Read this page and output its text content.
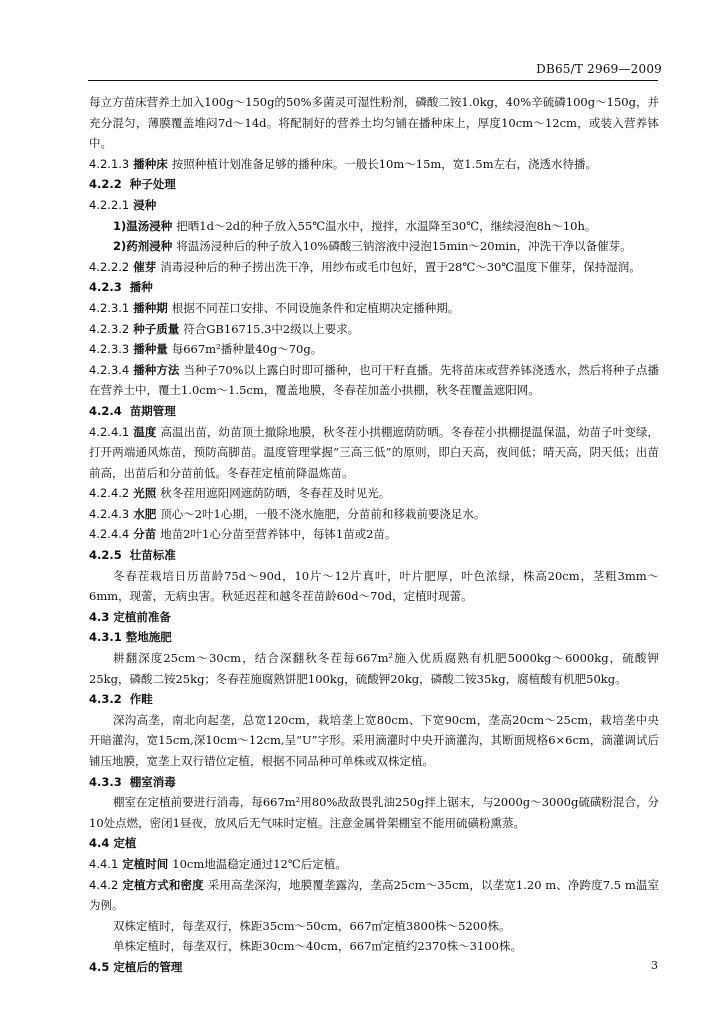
DB65/T 2969—2009

每立方苗床营养土加入100g～150g的50%多菌灵可湿性粉剂，磷酸二铵1.0kg，40%辛硫磷100g～150g，并充分混匀，薄膜覆盖堆闷7d～14d。将配制好的营养土均匀铺在播种床上，厚度10cm～12cm，或装入营养钵中。

4.2.1.3 播种床 按照种植计划准备足够的播种床。一般长10m～15m，宽1.5m左右，浇透水待播。

4.2.2 种子处理

4.2.2.1 浸种

1)温汤浸种 把晒1d～2d的种子放入55℃温水中，搅拌，水温降至30℃，继续浸泡8h～10h。

2)药剂浸种 将温汤浸种后的种子放入10%磷酸三钠溶液中浸泡15min～20min，冲洗干净以备催芽。

4.2.2.2 催芽 消毒浸种后的种子捞出洗干净，用纱布或毛巾包好，置于28℃～30℃温度下催芽，保持湿润。

4.2.3 播种

4.2.3.1 播种期 根据不同茬口安排、不同设施条件和定植期决定播种期。

4.2.3.2 种子质量 符合GB16715.3中2级以上要求。

4.2.3.3 播种量 每667m²播种量40g～70g。

4.2.3.4 播种方法 当种子70%以上露白时即可播种，也可干籽直播。先将苗床或营养钵浇透水，然后将种子点播在营养土中，覆土1.0cm～1.5cm，覆盖地膜，冬春茬加盖小拱棚，秋冬茬覆盖遮阳网。

4.2.4 苗期管理

4.2.4.1 温度 高温出苗，幼苗顶土撤除地膜，秋冬茬小拱棚遮荫防晒。冬春茬小拱棚提温保温，幼苗子叶变绿，打开两端通风炼苗，预防高脚苗。温度管理掌握“三高三低”的原则，即白天高，夜间低；晴天高，阴天低；出苗前高，出苗后和分苗前低。冬春茬定植前降温炼苗。

4.2.4.2 光照 秋冬茬用遮阳网遮荫防晒，冬春茬及时见光。

4.2.4.3 水肥 顶心～2叶1心期，一般不浇水施肥，分苗前和移栽前要浇足水。

4.2.4.4 分苗 地苗2叶1心分苗至营养钵中，每钵1苗或2苗。

4.2.5 壮苗标准

冬春茬栽培日历苗龄75d～90d，10片～12片真叶，叶片肥厚，叶色浓绿，株高20cm，茎粗3mm～6mm，现蕾，无病虫害。秋延迟茬和越冬茬苗龄60d～70d，定植时现蕾。

4.3 定植前准备

4.3.1 整地施肥

耕翻深度25cm～30cm，结合深翻秋冬茬每667m²施入优质腐熟有机肥5000kg～6000kg，硫酸钾25kg，磷酸二铵25kg；冬春茬施腐熟饼肥100kg，硫酸钾20kg，磷酸二铵35kg，腐植酸有机肥50kg。

4.3.2 作畦

深沟高垄，南北向起垄，总宽120cm，栽培垄上宽80cm、下宽90cm，垄高20cm～25cm，栽培垄中央开暗灌沟，宽15cm,深10cm～12cm,呈“U”字形。采用滴灌时中央开滴灌沟，其断面规格6×6cm，滴灌调试后铺压地膜，宽垄上双行错位定植，根据不同品种可单株或双株定植。

4.3.3 棚室消毒

棚室在定植前要进行消毒，每667m²用80%敌敌畏乳油250g拌上锯末，与2000g～3000g硫磺粉混合，分10处点燃，密闭1昼夜，放风后无气味时定植。注意金属骨架棚室不能用硫磺粉熏蒸。

4.4 定植

4.4.1 定植时间 10cm地温稳定通过12℃后定植。

4.4.2 定植方式和密度 采用高垄深沟，地膜覆垄露沟，垄高25cm～35cm，以垄宽1.20 m、净跨度7.5 m温室为例。

双株定植时，每垄双行，株距35cm～50cm，667㎡定植3800株～5200株。

单株定植时，每垄双行，株距30cm～40cm，667㎡定植约2370株～3100株。

4.5 定植后的管理	3
